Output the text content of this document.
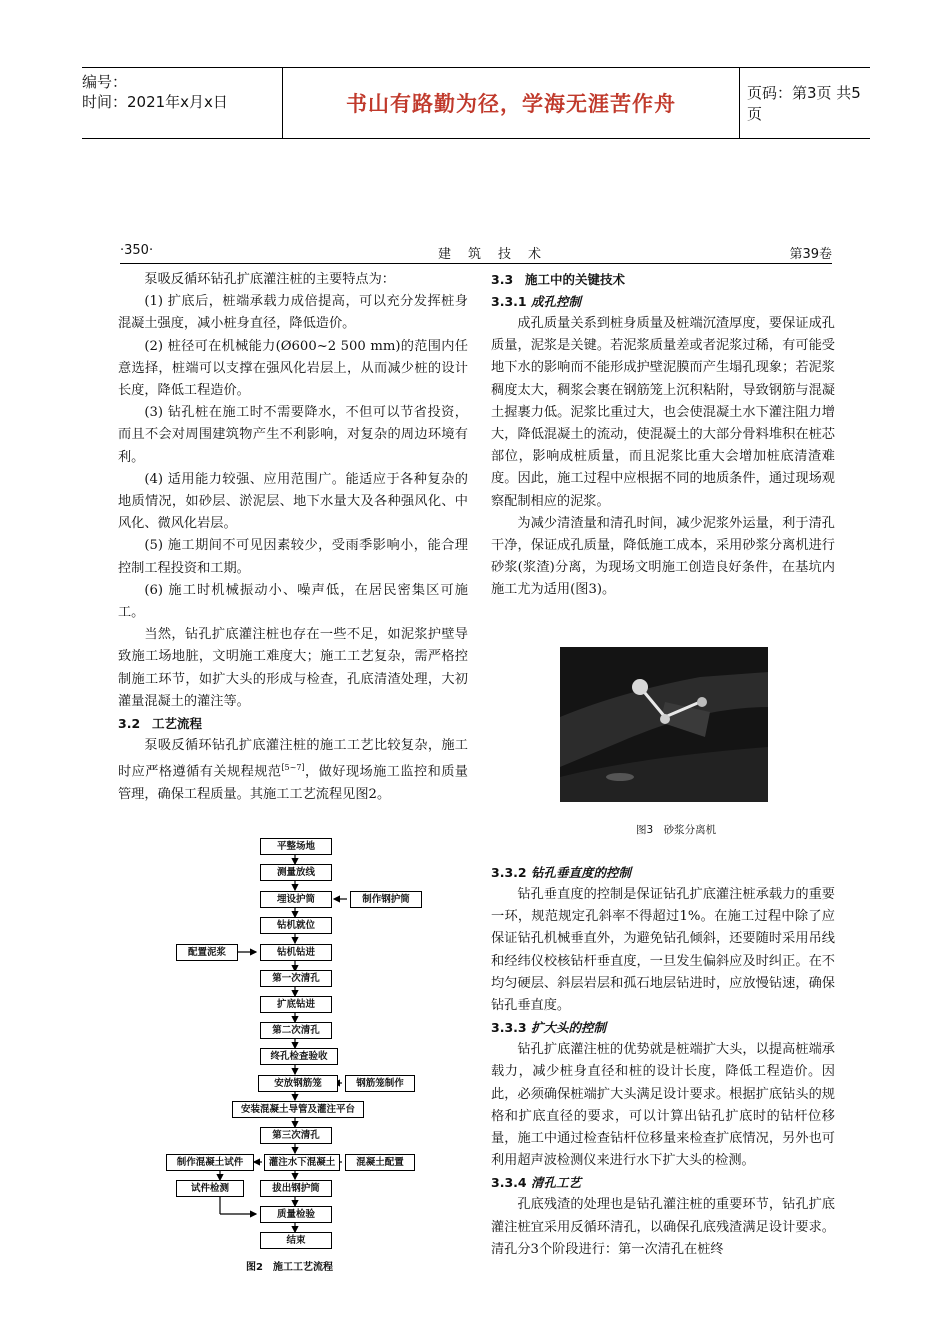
编号：
时间：2021年x月x日	书山有路勤为径，学海无涯苦作舟	页码：第3页 共5页
·350·	建　筑　技　术	第39卷

泵吸反循环钻孔扩底灌注桩的主要特点为：

(1) 扩底后，桩端承载力成倍提高，可以充分发挥桩身混凝土强度，减小桩身直径，降低造价。

(2) 桩径可在机械能力(Ø600~2 500 mm)的范围内任意选择，桩端可以支撑在强风化岩层上，从而减少桩的设计长度，降低工程造价。

(3) 钻孔桩在施工时不需要降水，不但可以节省投资，而且不会对周围建筑物产生不利影响，对复杂的周边环境有利。

(4) 适用能力较强、应用范围广。能适应于各种复杂的地质情况，如砂层、淤泥层、地下水量大及各种强风化、中风化、微风化岩层。

(5) 施工期间不可见因素较少，受雨季影响小，能合理控制工程投资和工期。

(6) 施工时机械振动小、噪声低，在居民密集区可施工。

当然，钻孔扩底灌注桩也存在一些不足，如泥浆护壁导致施工场地脏，文明施工难度大；施工工艺复杂，需严格控制施工环节，如扩大头的形成与检查，孔底清渣处理，大初灌量混凝土的灌注等。

3.2 工艺流程

泵吸反循环钻孔扩底灌注桩的施工工艺比较复杂，施工时应严格遵循有关规程规范[5~7]，做好现场施工监控和质量管理，确保工程质量。其施工工艺流程见图2。

平整场地
测量放线
埋设护筒	制作钢护筒
钻机就位
配置泥浆	钻机钻进
第一次清孔
扩底钻进
第二次清孔
终孔检查验收
安放钢筋笼	钢筋笼制作
安装混凝土导管及灌注平台
第三次清孔
灌注水下混凝土	混凝土配置
制作混凝土试件
试件检测	拔出钢护筒
质量检验
结束
图2　施工工艺流程
3.3 施工中的关键技术
3.3.1 成孔控制

成孔质量关系到桩身质量及桩端沉渣厚度，要保证成孔质量，泥浆是关键。若泥浆质量差或者泥浆过稀，有可能受地下水的影响而不能形成护壁泥膜而产生塌孔现象；若泥浆稠度太大，稠浆会裹在钢筋笼上沉积粘附，导致钢筋与混凝土握裹力低。泥浆比重过大，也会使混凝土水下灌注阻力增大，降低混凝土的流动，使混凝土的大部分骨料堆积在桩芯部位，影响成桩质量，而且泥浆比重大会增加桩底清渣难度。因此，施工过程中应根据不同的地质条件，通过现场观察配制相应的泥浆。

为减少清渣量和清孔时间，减少泥浆外运量，利于清孔干净，保证成孔质量，降低施工成本，采用砂浆分离机进行砂浆(浆渣)分离，为现场文明施工创造良好条件，在基坑内施工尤为适用(图3)。

图3　砂浆分离机
3.3.2 钻孔垂直度的控制

钻孔垂直度的控制是保证钻孔扩底灌注桩承载力的重要一环，规范规定孔斜率不得超过1%。在施工过程中除了应保证钻孔机械垂直外，为避免钻孔倾斜，还要随时采用吊线和经纬仪校核钻杆垂直度，一旦发生偏斜应及时纠正。在不均匀硬层、斜层岩层和孤石地层钻进时，应放慢钻速，确保钻孔垂直度。

3.3.3 扩大头的控制

钻孔扩底灌注桩的优势就是桩端扩大头，以提高桩端承载力，减少桩身直径和桩的设计长度，降低工程造价。因此，必须确保桩端扩大头满足设计要求。根据扩底钻头的规格和扩底直径的要求，可以计算出钻孔扩底时的钻杆位移量，施工中通过检查钻杆位移量来检查扩底情况，另外也可利用超声波检测仪来进行水下扩大头的检测。

3.3.4 清孔工艺

孔底残渣的处理也是钻孔灌注桩的重要环节，钻孔扩底灌注桩宜采用反循环清孔，以确保孔底残渣满足设计要求。清孔分3个阶段进行：第一次清孔在桩终
